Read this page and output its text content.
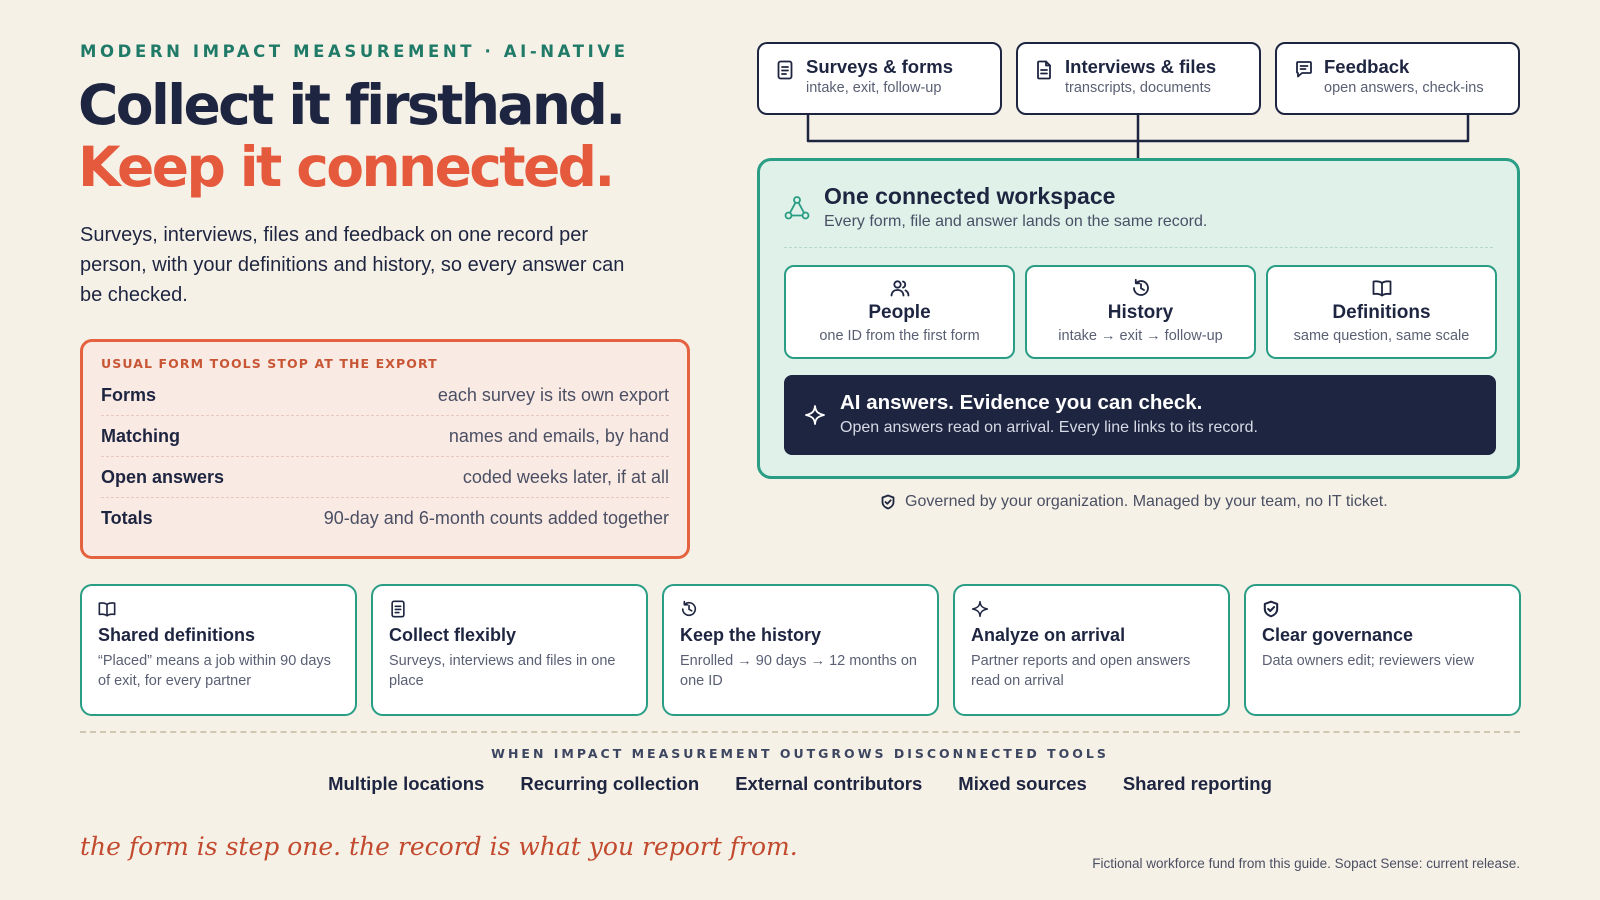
MODERN IMPACT MEASUREMENT · AI-NATIVE
Collect it firsthand.
Keep it connected.
Surveys, interviews, files and feedback on one record per person, with your definitions and history, so every answer can be checked.
USUAL FORM TOOLS STOP AT THE EXPORT
Forms	each survey is its own export
Matching	names and emails, by hand
Open answers	coded weeks later, if at all
Totals	90-day and 6-month counts added together
Surveys & forms
intake, exit, follow-up
Interviews & files
transcripts, documents
Feedback
open answers, check-ins
One connected workspace
Every form, file and answer lands on the same record.
People
one ID from the first form
History
intake → exit → follow-up
Definitions
same question, same scale
AI answers. Evidence you can check.
Open answers read on arrival. Every line links to its record.
Governed by your organization. Managed by your team, no IT ticket.
Shared definitions
“Placed” means a job within 90 days of exit, for every partner
Collect flexibly
Surveys, interviews and files in one place
Keep the history
Enrolled → 90 days → 12 months on one ID
Analyze on arrival
Partner reports and open answers read on arrival
Clear governance
Data owners edit; reviewers view
WHEN IMPACT MEASUREMENT OUTGROWS DISCONNECTED TOOLS
Multiple locations Recurring collection External contributors Mixed sources Shared reporting
the form is step one. the record is what you report from.
Fictional workforce fund from this guide. Sopact Sense: current release.
